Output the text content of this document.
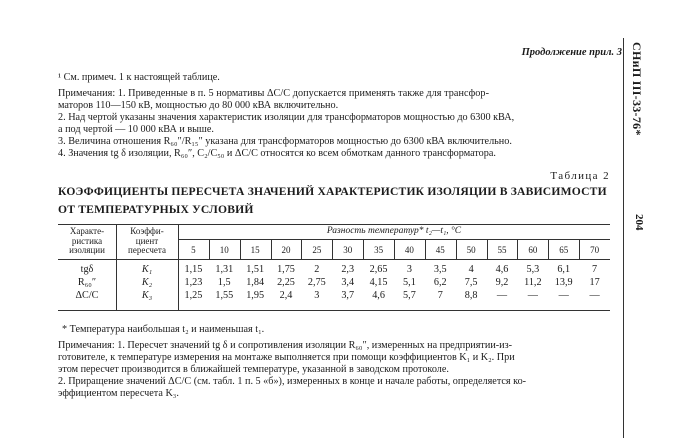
Продолжение прил. 3 СНиП III-33-76*
204
¹ См. примеч. 1 к настоящей таблице.
Примечания: 1. Приведенные в п. 5 нормативы ΔC/C допускается применять также для трансфор-
маторов 110—150 кВ, мощностью до 80 000 кВА включительно.
2. Над чертой указаны значения характеристик изоляции для трансформаторов мощностью до 6300 кВА,
а под чертой — 10 000 кВА и выше.
3. Величина отношения R₆₀″/R₁₅″ указана для трансформаторов мощностью до 6300 кВА включительно.
4. Значения tg δ изоляции, R₆₀″, C₂/C₅₀ и ΔC/C относятся ко всем обмоткам данного трансформатора.
Таблица 2
КОЭФФИЦИЕНТЫ ПЕРЕСЧЕТА ЗНАЧЕНИЙ ХАРАКТЕРИСТИК ИЗОЛЯЦИИ В ЗАВИСИМОСТИ
ОТ ТЕМПЕРАТУРНЫХ УСЛОВИЙ
Характе-
ристика
изоляции
Коэффи-
циент
пересчета
Разность температур* t₂—t₁, °C
5	10	15	20	25	30	35	40	45	50	55	60	65	70
tgδ	K₁	1,15	1,31	1,51	1,75	2	2,3	2,65	3	3,5	4	4,6	5,3	6,1	7
R₆₀″	K₂	1,23	1,5	1,84	2,25	2,75	3,4	4,15	5,1	6,2	7,5	9,2	11,2	13,9	17
ΔC/C	K₃	1,25	1,55	1,95	2,4	3	3,7	4,6	5,7	7	8,8	—	—	—	—
* Температура наибольшая t₂ и наименьшая t₁.
Примечания: 1. Пересчет значений tg δ и сопротивления изоляции R₆₀″, измеренных на предприятии-из-
готовителе, к температуре измерения на монтаже выполняется при помощи коэффициентов K₁ и K₂. При
этом пересчет производится в ближайшей температуре, указанной в заводском протоколе.
2. Приращение значений ΔC/C (см. табл. 1 п. 5 «б»), измеренных в конце и начале работы, определяется ко-
эффициентом пересчета K₃.
